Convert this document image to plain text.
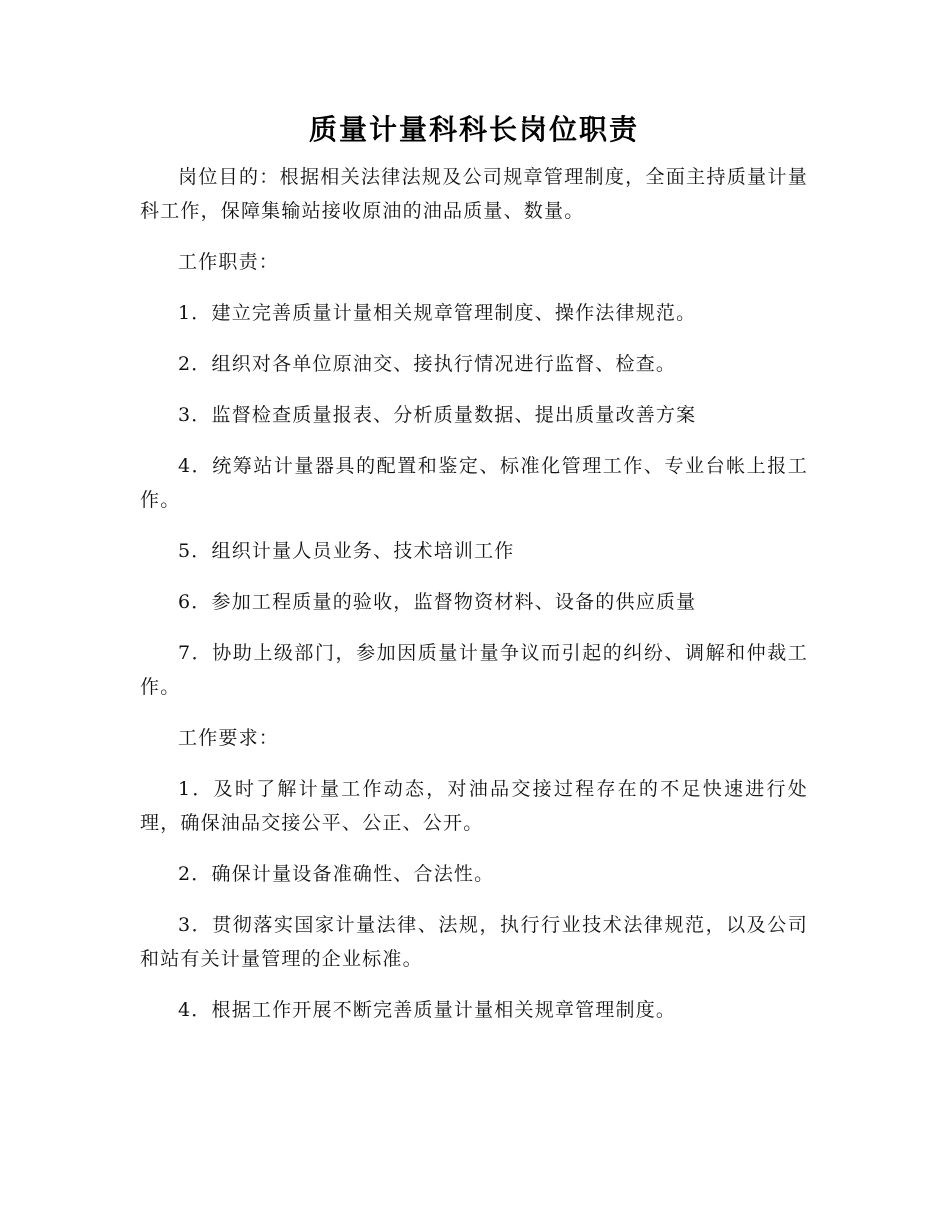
质量计量科科长岗位职责

岗位目的：根据相关法律法规及公司规章管理制度，全面主持质量计量科工作，保障集输站接收原油的油品质量、数量。

工作职责：

1．建立完善质量计量相关规章管理制度、操作法律规范。

2．组织对各单位原油交、接执行情况进行监督、检查。

3．监督检查质量报表、分析质量数据、提出质量改善方案

4．统筹站计量器具的配置和鉴定、标准化管理工作、专业台帐上报工作。

5．组织计量人员业务、技术培训工作

6．参加工程质量的验收，监督物资材料、设备的供应质量

7．协助上级部门，参加因质量计量争议而引起的纠纷、调解和仲裁工作。

工作要求：

1．及时了解计量工作动态，对油品交接过程存在的不足快速进行处理，确保油品交接公平、公正、公开。

2．确保计量设备准确性、合法性。

3．贯彻落实国家计量法律、法规，执行行业技术法律规范，以及公司和站有关计量管理的企业标准。

4．根据工作开展不断完善质量计量相关规章管理制度。
